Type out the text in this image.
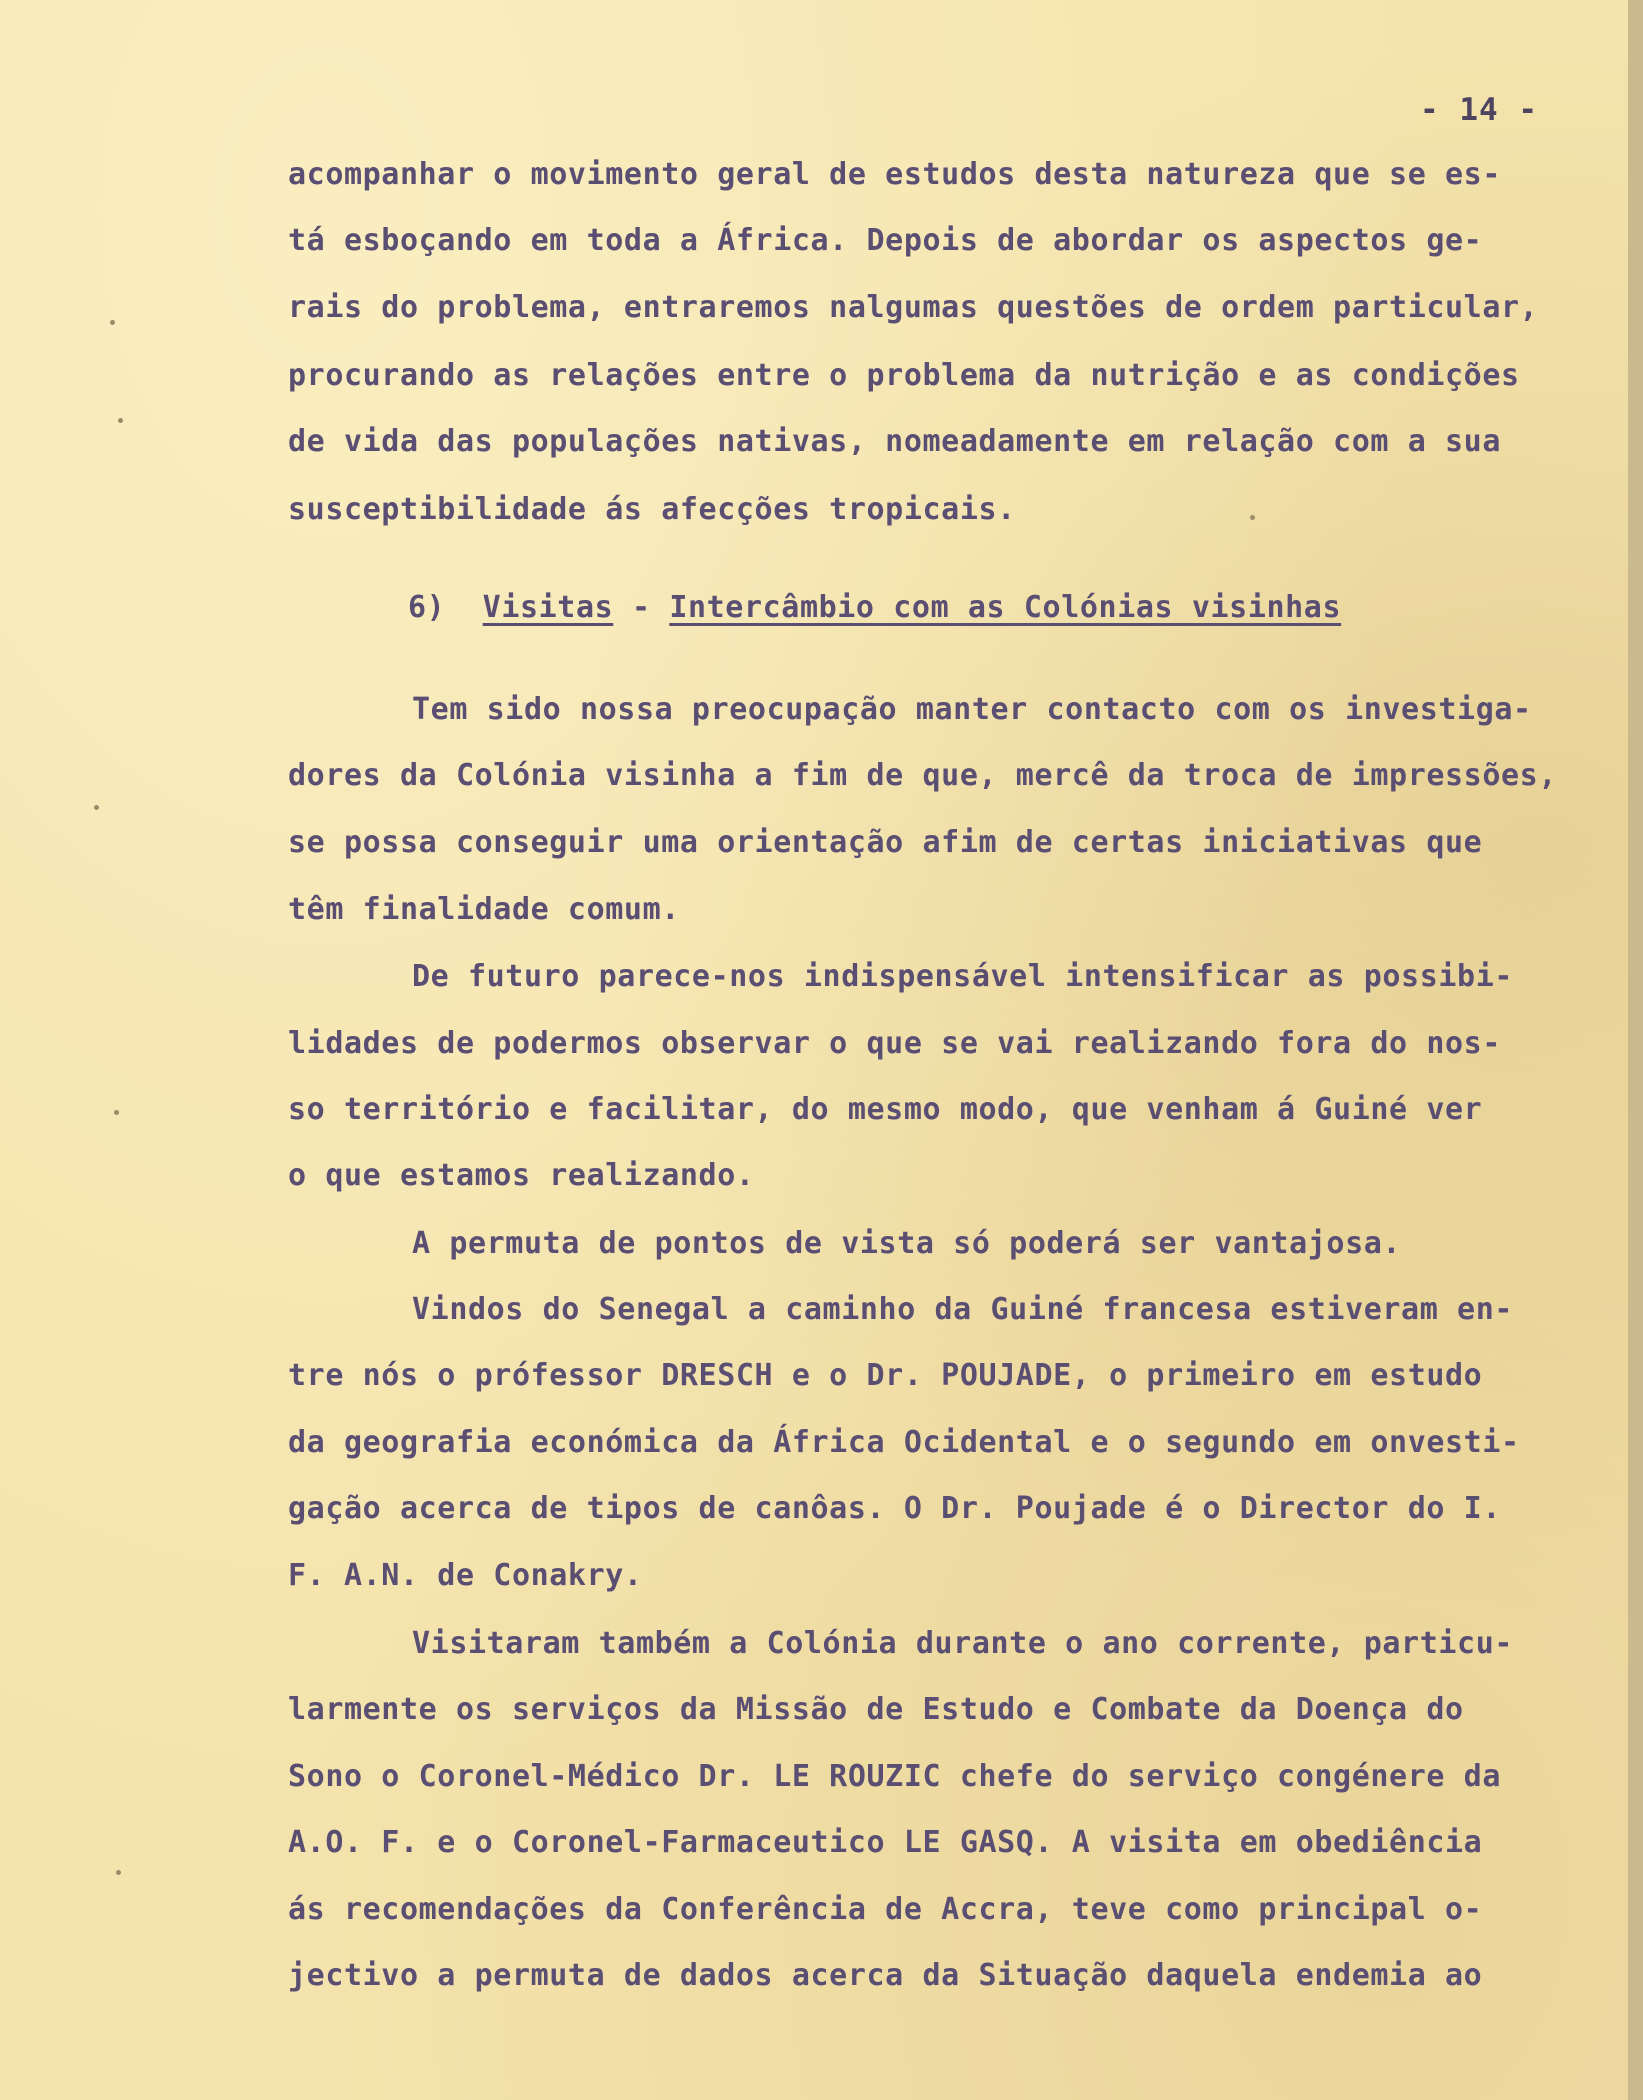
- 14 -
acompanhar o movimento geral de estudos desta natureza que se es-
tá esboçando em toda a África. Depois de abordar os aspectos ge-
rais do problema, entraremos nalgumas questões de ordem particular,
procurando as relações entre o problema da nutrição e as condições
de vida das populações nativas, nomeadamente em relação com a sua
susceptibilidade ás afecções tropicais.
6) Visitas - Intercâmbio com as Colónias visinhas
Tem sido nossa preocupação manter contacto com os investiga-
dores da Colónia visinha a fim de que, mercê da troca de impressões,
se possa conseguir uma orientação afim de certas iniciativas que
têm finalidade comum.
De futuro parece-nos indispensável intensificar as possibi-
lidades de podermos observar o que se vai realizando fora do nos-
so território e facilitar, do mesmo modo, que venham á Guiné ver
o que estamos realizando.
A permuta de pontos de vista só poderá ser vantajosa.
Vindos do Senegal a caminho da Guiné francesa estiveram en-
tre nós o prófessor DRESCH e o Dr. POUJADE, o primeiro em estudo
da geografia económica da África Ocidental e o segundo em onvesti-
gação acerca de tipos de canôas. O Dr. Poujade é o Director do I.
F. A.N. de Conakry.
Visitaram também a Colónia durante o ano corrente, particu-
larmente os serviços da Missão de Estudo e Combate da Doença do
Sono o Coronel-Médico Dr. LE ROUZIC chefe do serviço congénere da
A.O. F. e o Coronel-Farmaceutico LE GASQ. A visita em obediência
ás recomendações da Conferência de Accra, teve como principal o-
jectivo a permuta de dados acerca da Situação daquela endemia ao
